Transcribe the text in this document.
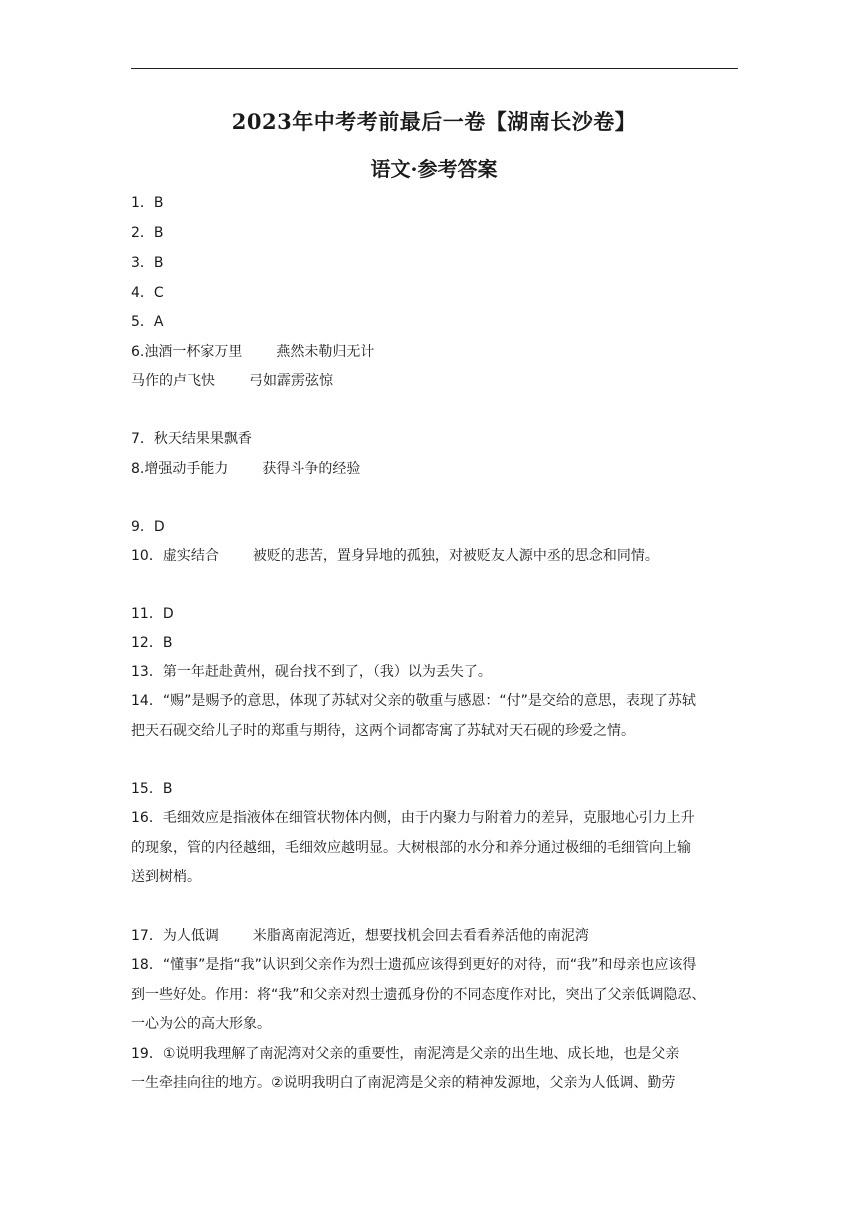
2023年中考考前最后一卷【湖南长沙卷】
语文·参考答案
1．B
2．B
3．B
4．C
5．A
6.浊酒一杯家万里 燕然未勒归无计
马作的卢飞快 弓如霹雳弦惊
7．秋天结果果飘香
8.增强动手能力 获得斗争的经验
9．D
10．虚实结合 被贬的悲苦，置身异地的孤独，对被贬友人源中丞的思念和同情。
11．D
12．B
13．第一年赶赴黄州，砚台找不到了，（我）以为丢失了。
14．“赐”是赐予的意思，体现了苏轼对父亲的敬重与感恩：“付”是交给的意思，表现了苏轼
把天石砚交给儿子时的郑重与期待，这两个词都寄寓了苏轼对天石砚的珍爱之情。
15．B
16．毛细效应是指液体在细管状物体内侧，由于内聚力与附着力的差异，克服地心引力上升
的现象，管的内径越细，毛细效应越明显。大树根部的水分和养分通过极细的毛细管向上输
送到树梢。
17．为人低调 米脂离南泥湾近，想要找机会回去看看养活他的南泥湾
18．“懂事”是指“我”认识到父亲作为烈士遗孤应该得到更好的对待，而“我”和母亲也应该得
到一些好处。作用：将“我”和父亲对烈士遗孤身份的不同态度作对比，突出了父亲低调隐忍、
一心为公的高大形象。
19．①说明我理解了南泥湾对父亲的重要性，南泥湾是父亲的出生地、成长地，也是父亲
一生牵挂向往的地方。②说明我明白了南泥湾是父亲的精神发源地，父亲为人低调、勤劳
